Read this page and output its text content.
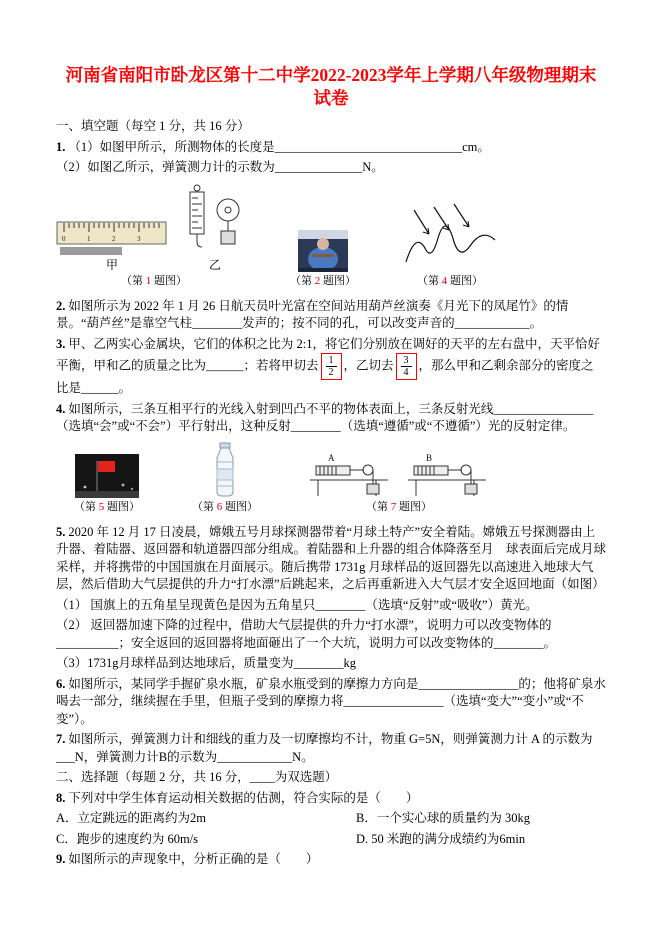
河南省南阳市卧龙区第十二中学2022-2023学年上学期八年级物理期末
试卷

一、填空题（每空 1 分，共 16 分）

1. （1）如图甲所示，所测物体的长度是______________________________cm。

（2）如图乙所示，弹簧测力计的示数为______________N。

0	1	2	3
甲	乙
（第 1 题图）	（第 2 题图）	（第 4 题图）

2. 如图所示为 2022 年 1 月 26 日航天员叶光富在空间站用葫芦丝演奏《月光下的凤尾竹》的情景。“葫芦丝”是靠空气柱________发声的；按不同的孔，可以改变声音的____________。

3. 甲、乙两实心金属块，它们的体积之比为 2:1，将它们分别放在调好的天平的左右盘中，天平恰好平衡，甲和乙的质量之比为______；若将甲切去 $\frac{1}{2}$ ，乙切去 $\frac{3}{4}$ ，那么甲和乙剩余部分的密度之比是______。

4. 如图所示，三条互相平行的光线入射到凹凸不平的物体表面上，三条反射光线________________（选填“会”或“不会”）平行射出，这种反射________（选填“遵循”或“不遵循”）光的反射定律。

（第 5 题图）	（第 6 题图）
A	B
（第 7 题图）

5. 2020 年 12 月 17 日凌晨，嫦娥五号月球探测器带着“月球土特产”安全着陆。嫦娥五号探测器由上升器、着陆器、返回器和轨道器四部分组成。着陆器和上升器的组合体降落至月　球表面后完成月球采样，并将携带的中国国旗在月面展示。随后携带 1731g 月球样品的返回器先以高速进入地球大气层，然后借助大气层提供的升力“打水漂”后跳起来，之后再重新进入大气层才安全返回地面（如图）

（1） 国旗上的五角星呈现黄色是因为五角星只________（选填“反射”或“吸收”）黄光。

（2） 返回器加速下降的过程中，借助大气层提供的升力“打水漂”，说明力可以改变物体的__________；安全返回的返回器将地面砸出了一个大坑，说明力可以改变物体的________。

（3）1731g月球样品到达地球后，质量变为________kg

6. 如图所示，某同学手握矿泉水瓶，矿泉水瓶受到的摩擦力方向是________________的；他将矿泉水喝去一部分，继续握在手里，但瓶子受到的摩擦力将________________（选填“变大”“变小”或“不变”）。

7. 如图所示，弹簧测力计和细线的重力及一切摩擦均不计，物重 G=5N，则弹簧测力计 A 的示数为___N，弹簧测力计B的示数为____________N。

二、选择题（每题 2 分，共 16 分，____为双选题）

8. 下列对中学生体育运动相关数据的估测，符合实际的是（　　）

A．立定跳远的距离约为2m	B．一个实心球的质量约为 30kg
C．跑步的速度约为 60m/s	D. 50 米跑的满分成绩约为6min

9. 如图所示的声现象中，分析正确的是（　　）
